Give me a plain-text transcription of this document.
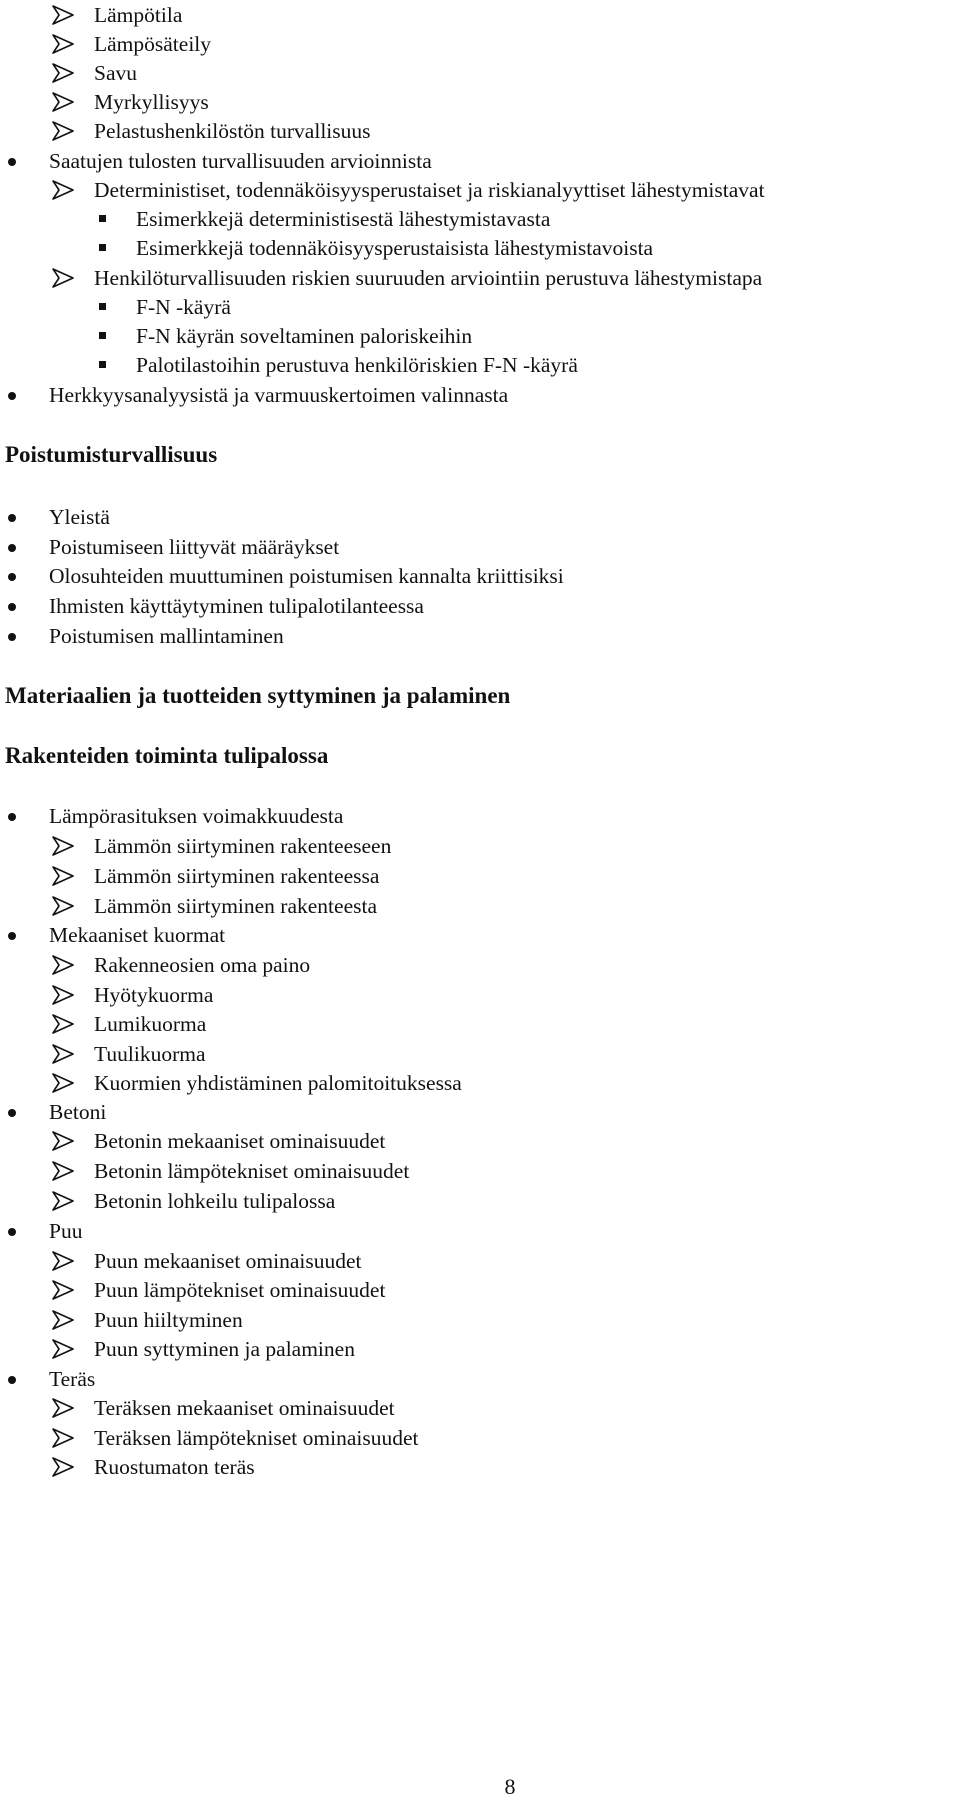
Lämpötila
Lämpösäteily
Savu
Myrkyllisyys
Pelastushenkilöstön turvallisuus
Saatujen tulosten turvallisuuden arvioinnista
Deterministiset, todennäköisyysperustaiset ja riskianalyyttiset lähestymistavat
Esimerkkejä deterministisestä lähestymistavasta
Esimerkkejä todennäköisyysperustaisista lähestymistavoista
Henkilöturvallisuuden riskien suuruuden arviointiin perustuva lähestymistapa
F-N -käyrä
F-N käyrän soveltaminen paloriskeihin
Palotilastoihin perustuva henkilöriskien F-N -käyrä
Herkkyysanalyysistä ja varmuuskertoimen valinnasta
Poistumisturvallisuus
Yleistä
Poistumiseen liittyvät määräykset
Olosuhteiden muuttuminen poistumisen kannalta kriittisiksi
Ihmisten käyttäytyminen tulipalotilanteessa
Poistumisen mallintaminen
Materiaalien ja tuotteiden syttyminen ja palaminen
Rakenteiden toiminta tulipalossa
Lämpörasituksen voimakkuudesta
Lämmön siirtyminen rakenteeseen
Lämmön siirtyminen rakenteessa
Lämmön siirtyminen rakenteesta
Mekaaniset kuormat
Rakenneosien oma paino
Hyötykuorma
Lumikuorma
Tuulikuorma
Kuormien yhdistäminen palomitoituksessa
Betoni
Betonin mekaaniset ominaisuudet
Betonin lämpötekniset ominaisuudet
Betonin lohkeilu tulipalossa
Puu
Puun mekaaniset ominaisuudet
Puun lämpötekniset ominaisuudet
Puun hiiltyminen
Puun syttyminen ja palaminen
Teräs
Teräksen mekaaniset ominaisuudet
Teräksen lämpötekniset ominaisuudet
Ruostumaton teräs
8
